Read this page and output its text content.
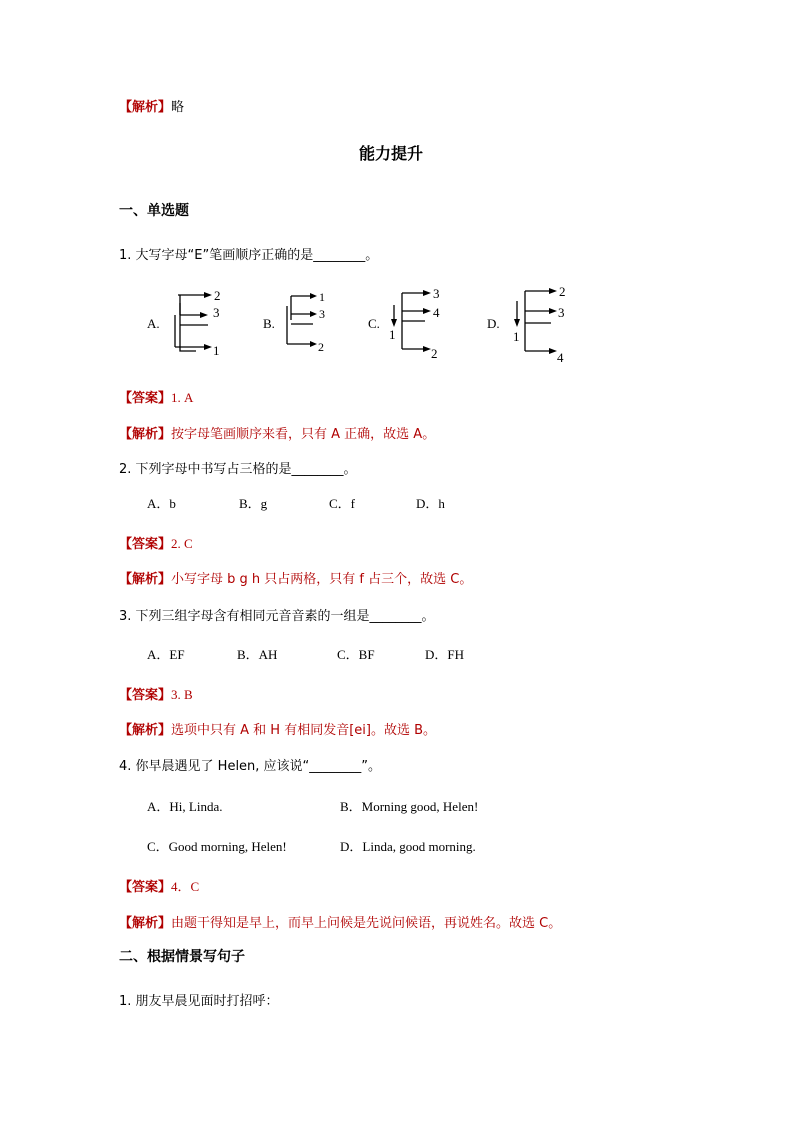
【解析】略
能力提升
一、单选题
1. 大写字母“E”笔画顺序正确的是________。
A.
2
3
1
B.
1
3
2
C.
3
4
1
2
D.
2
3
1
4
【答案】1. A
【解析】按字母笔画顺序来看，只有 A 正确，故选 A。
2. 下列字母中书写占三格的是________。
A．b	B．g	C．f	D．h
【答案】2. C
【解析】小写字母 b g h 只占两格，只有 f 占三个，故选 C。
3. 下列三组字母含有相同元音音素的一组是________。
A．EF	B．AH	C．BF	D．FH
【答案】3. B
【解析】选项中只有 A 和 H 有相同发音[ei]。故选 B。
4. 你早晨遇见了 Helen, 应该说“________”。
A．Hi, Linda.	B．Morning good, Helen!
C．Good morning, Helen!	D．Linda, good morning.
【答案】4．C
【解析】由题干得知是早上，而早上问候是先说问候语，再说姓名。故选 C。
二、根据情景写句子
1. 朋友早晨见面时打招呼：
